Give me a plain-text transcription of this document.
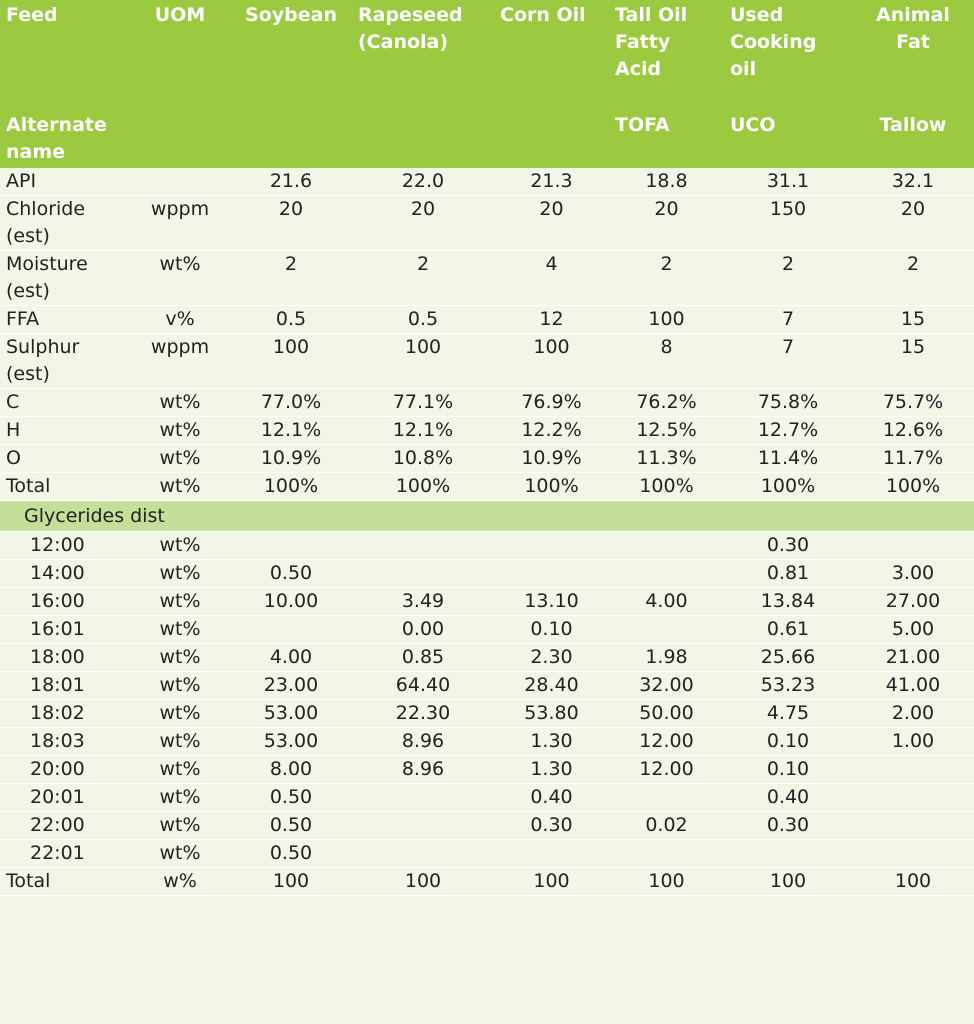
Feed	UOM	Soybean	Rapeseed (Canola)	Corn Oil	Tall Oil Fatty Acid	Used Cooking oil	Animal Fat
Alternate name					TOFA	UCO	Tallow
API		21.6	22.0	21.3	18.8	31.1	32.1
Chloride (est)	wppm	20	20	20	20	150	20
Moisture (est)	wt%	2	2	4	2	2	2
FFA	v%	0.5	0.5	12	100	7	15
Sulphur (est)	wppm	100	100	100	8	7	15
C	wt%	77.0%	77.1%	76.9%	76.2%	75.8%	75.7%
H	wt%	12.1%	12.1%	12.2%	12.5%	12.7%	12.6%
O	wt%	10.9%	10.8%	10.9%	11.3%	11.4%	11.7%
Total	wt%	100%	100%	100%	100%	100%	100%
Glycerides dist							
12:00	wt%					0.30	
14:00	wt%	0.50				0.81	3.00
16:00	wt%	10.00	3.49	13.10	4.00	13.84	27.00
16:01	wt%		0.00	0.10		0.61	5.00
18:00	wt%	4.00	0.85	2.30	1.98	25.66	21.00
18:01	wt%	23.00	64.40	28.40	32.00	53.23	41.00
18:02	wt%	53.00	22.30	53.80	50.00	4.75	2.00
18:03	wt%	53.00	8.96	1.30	12.00	0.10	1.00
20:00	wt%	8.00	8.96	1.30	12.00	0.10	
20:01	wt%	0.50		0.40		0.40	
22:00	wt%	0.50		0.30	0.02	0.30	
22:01	wt%	0.50					
Total	w%	100	100	100	100	100	100
